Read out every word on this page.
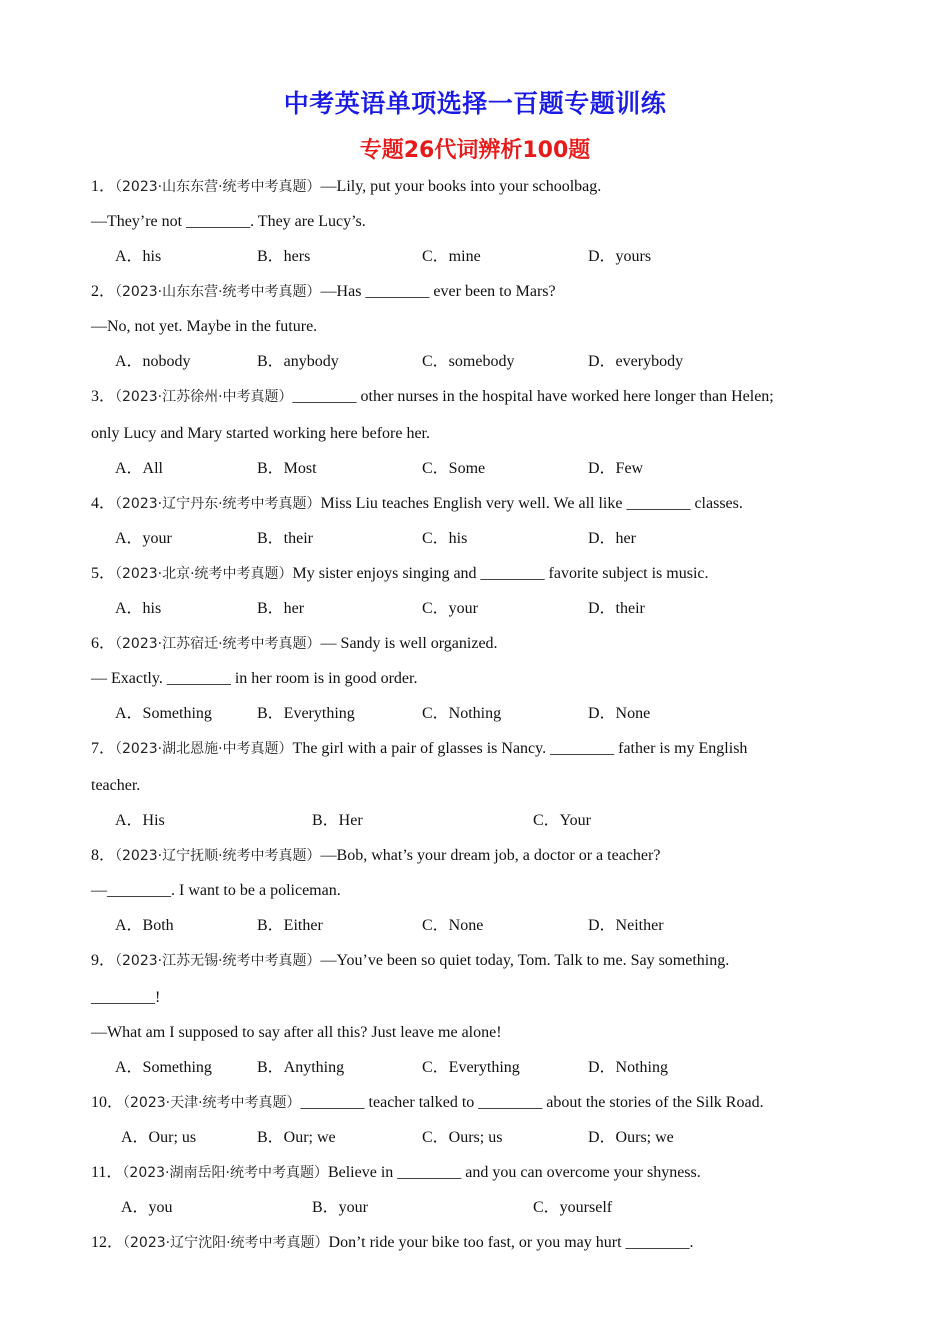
中考英语单项选择一百题专题训练
专题26代词辨析100题
1．（2023·山东东营·统考中考真题）—Lily, put your books into your schoolbag.
—They’re not ________. They are Lucy’s.
A．his	B．hers	C．mine	D．yours
2．（2023·山东东营·统考中考真题）—Has ________ ever been to Mars?
—No, not yet. Maybe in the future.
A．nobody	B．anybody	C．somebody	D．everybody
3．（2023·江苏徐州·中考真题）________ other nurses in the hospital have worked here longer than Helen;
only Lucy and Mary started working here before her.
A．All	B．Most	C．Some	D．Few
4．（2023·辽宁丹东·统考中考真题）Miss Liu teaches English very well. We all like ________ classes.
A．your	B．their	C．his	D．her
5．（2023·北京·统考中考真题）My sister enjoys singing and ________ favorite subject is music.
A．his	B．her	C．your	D．their
6．（2023·江苏宿迁·统考中考真题）— Sandy is well organized.
— Exactly. ________ in her room is in good order.
A．Something	B．Everything	C．Nothing	D．None
7．（2023·湖北恩施·中考真题）The girl with a pair of glasses is Nancy. ________ father is my English
teacher.
A．His	B．Her	C．Your
8．（2023·辽宁抚顺·统考中考真题）—Bob, what’s your dream job, a doctor or a teacher?
—________. I want to be a policeman.
A．Both	B．Either	C．None	D．Neither
9．（2023·江苏无锡·统考中考真题）—You’ve been so quiet today, Tom. Talk to me. Say something.
________!
—What am I supposed to say after all this? Just leave me alone!
A．Something	B．Anything	C．Everything	D．Nothing
10．（2023·天津·统考中考真题）________ teacher talked to ________ about the stories of the Silk Road.
A．Our; us	B．Our; we	C．Ours; us	D．Ours; we
11．（2023·湖南岳阳·统考中考真题）Believe in ________ and you can overcome your shyness.
A．you	B．your	C．yourself
12．（2023·辽宁沈阳·统考中考真题）Don’t ride your bike too fast, or you may hurt ________.
